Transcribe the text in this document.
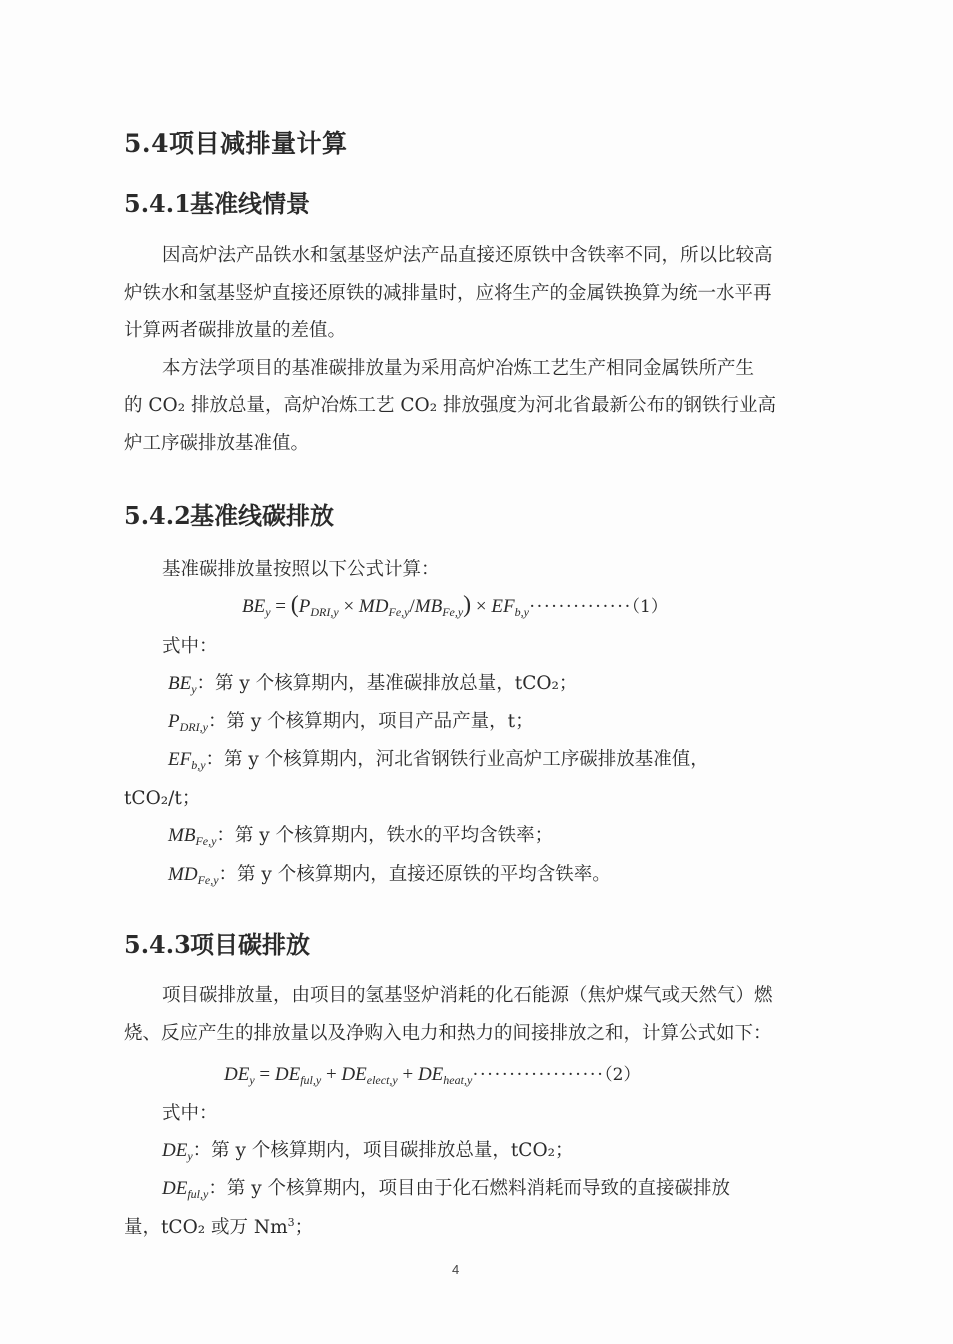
5.4项目减排量计算
5.4.1基准线情景
因高炉法产品铁水和氢基竖炉法产品直接还原铁中含铁率不同，所以比较高
炉铁水和氢基竖炉直接还原铁的减排量时，应将生产的金属铁换算为统一水平再
计算两者碳排放量的差值。
本方法学项目的基准碳排放量为采用高炉冶炼工艺生产相同金属铁所产生
的 CO₂ 排放总量，高炉冶炼工艺 CO₂ 排放强度为河北省最新公布的钢铁行业高
炉工序碳排放基准值。
5.4.2基准线碳排放
基准碳排放量按照以下公式计算：
$BE_y = (P_{DRI,y} \times MD_{Fe,y}/MB_{Fe,y}) \times EF_{b,y}\cdot\cdot\cdot\cdot\cdot\cdot\cdot\cdot\cdot\cdot\cdot\cdot\cdot\cdot(1)$
式中：
$BE_y$：第 y 个核算期内，基准碳排放总量，tCO₂；
$P_{DRI,y}$：第 y 个核算期内，项目产品产量，t；
$EF_{b,y}$：第 y 个核算期内，河北省钢铁行业高炉工序碳排放基准值，
tCO₂/t；
$MB_{Fe,y}$：第 y 个核算期内，铁水的平均含铁率；
$MD_{Fe,y}$：第 y 个核算期内，直接还原铁的平均含铁率。
5.4.3项目碳排放
项目碳排放量，由项目的氢基竖炉消耗的化石能源（焦炉煤气或天然气）燃
烧、反应产生的排放量以及净购入电力和热力的间接排放之和，计算公式如下：
$DE_y = DE_{ful,y} + DE_{elect,y} + DE_{heat,y}\cdot\cdot\cdot\cdot\cdot\cdot\cdot\cdot\cdot\cdot\cdot\cdot\cdot\cdot\cdot\cdot\cdot\cdot(2)$
式中：
$DE_y$：第 y 个核算期内，项目碳排放总量，tCO₂；
$DE_{ful,y}$：第 y 个核算期内，项目由于化石燃料消耗而导致的直接碳排放
量，tCO₂ 或万 Nm$^3$；
4
